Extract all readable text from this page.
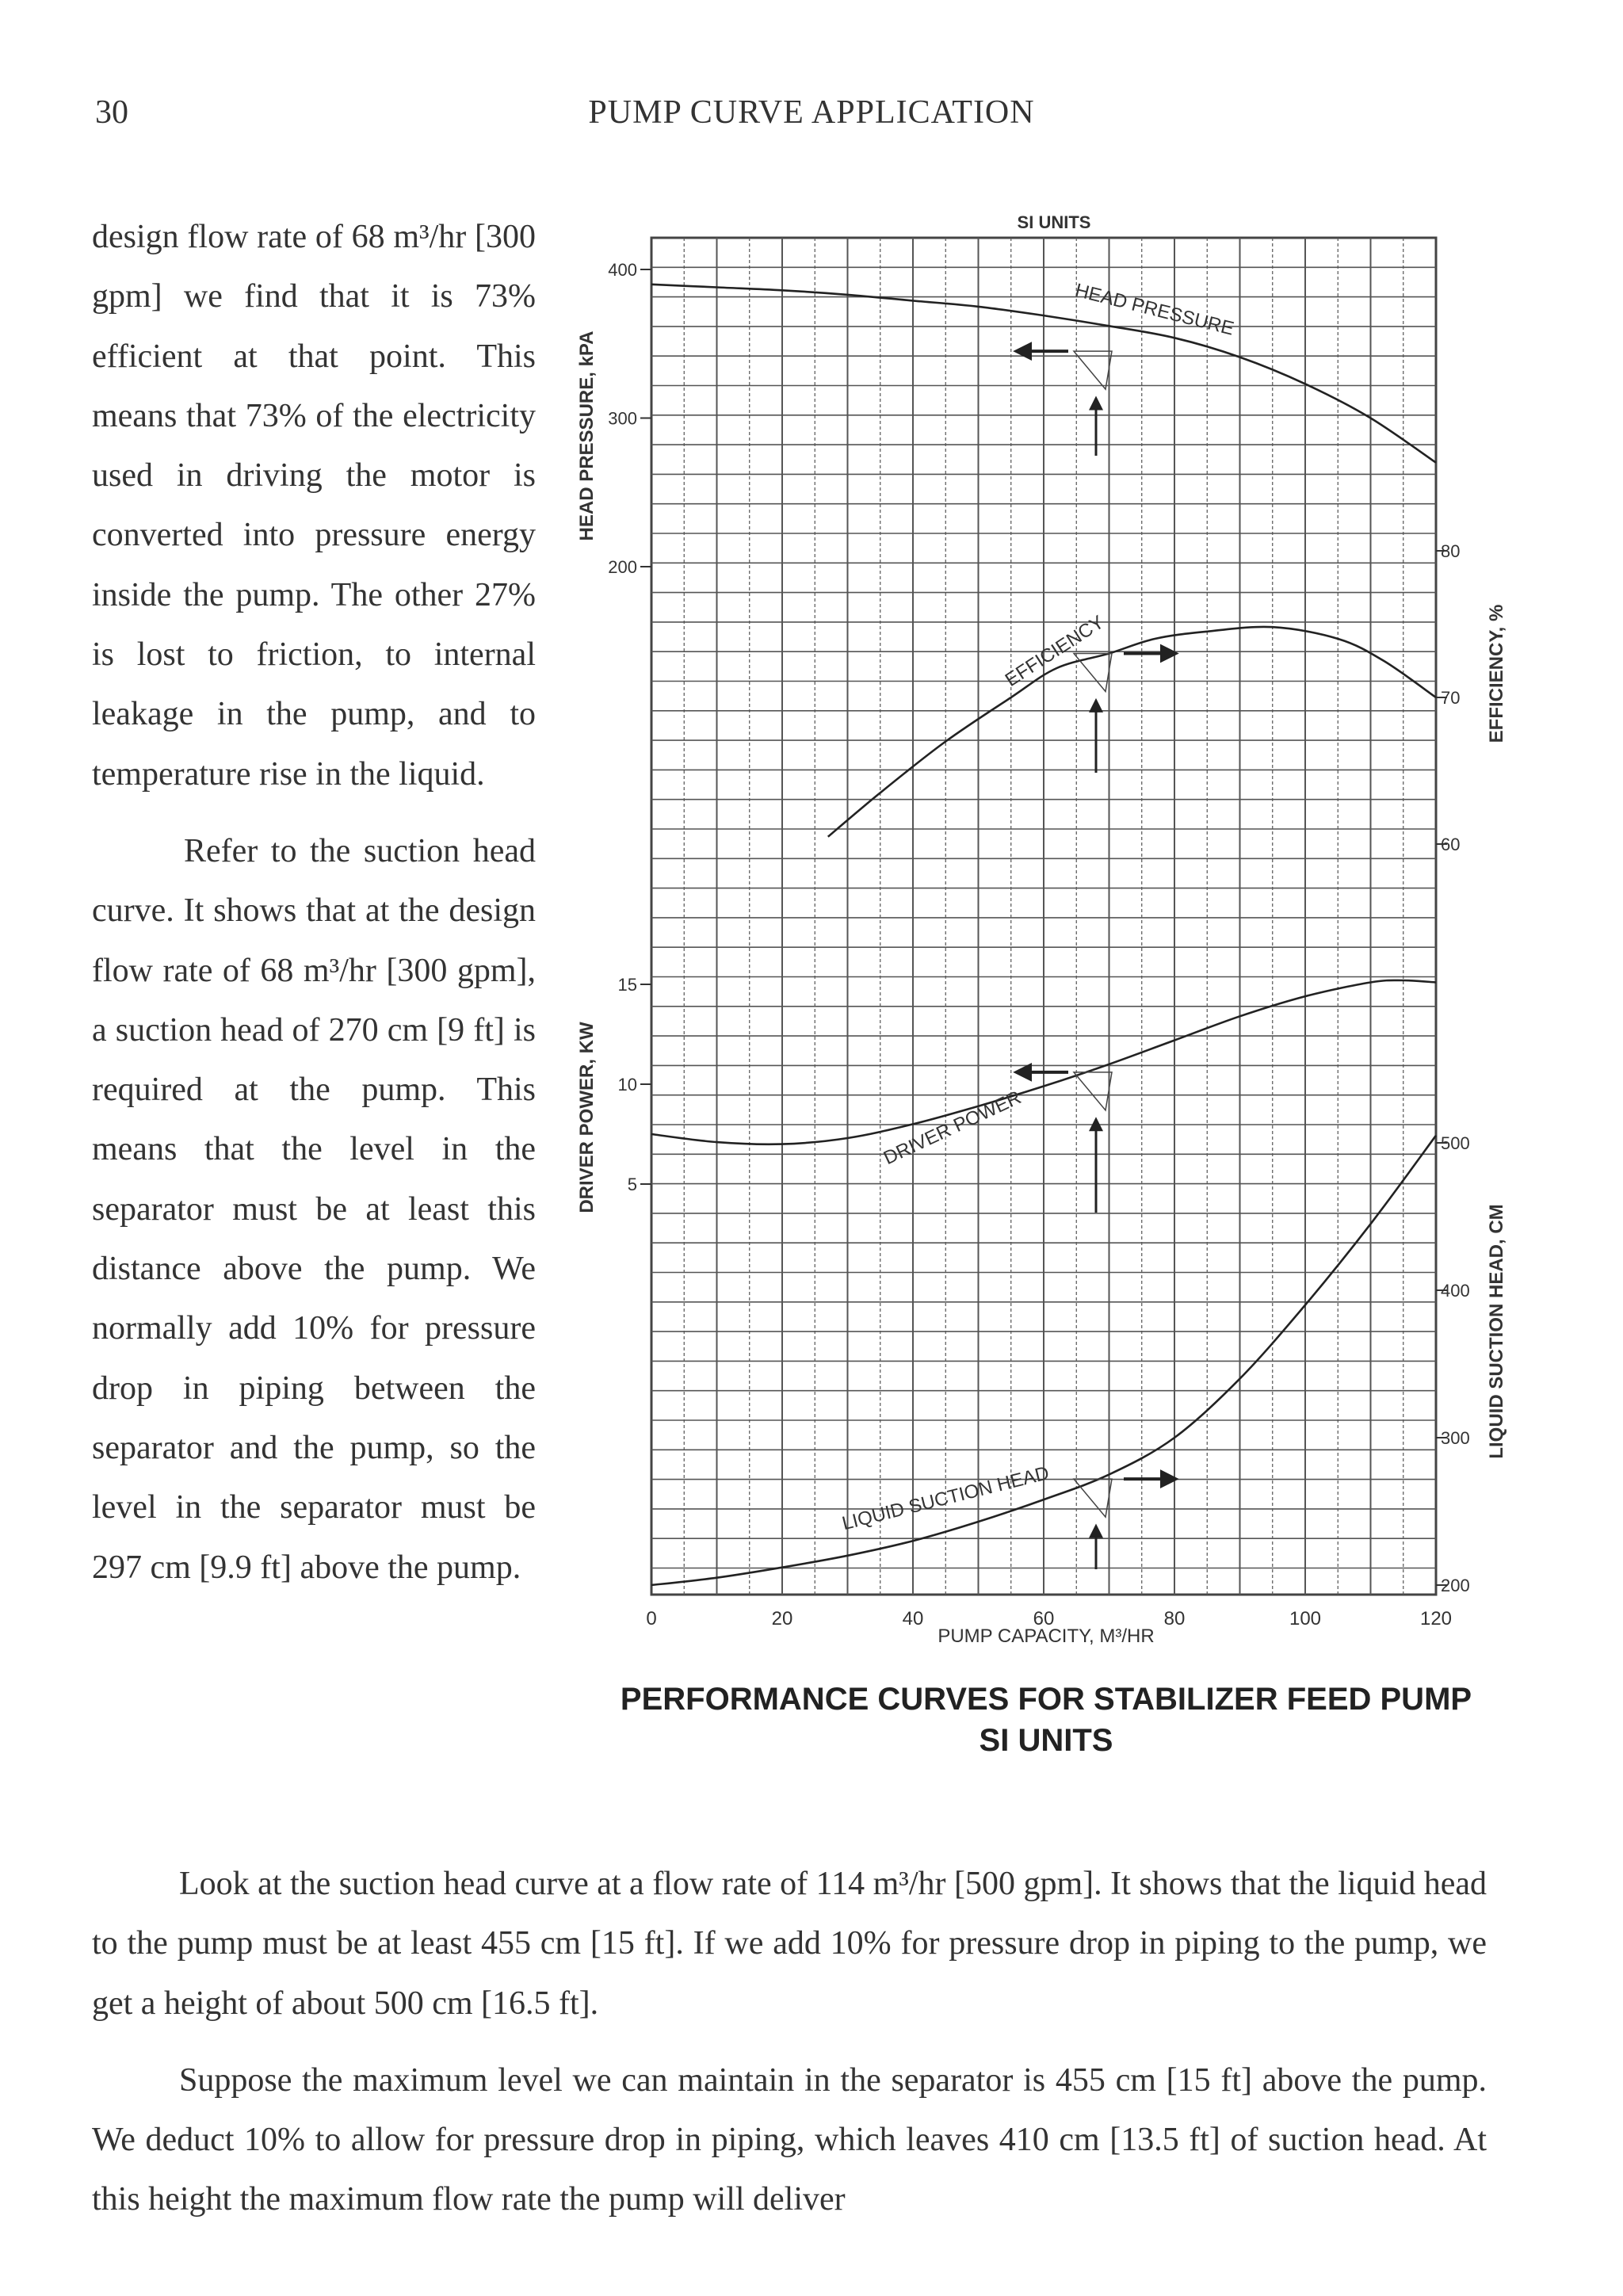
30	PUMP CURVE APPLICATION

design flow rate of 68 m³/hr [300 gpm] we find that it is 73% efficient at that point. This means that 73% of the electricity used in driving the motor is converted into pressure energy inside the pump. The other 27% is lost to friction, to internal leakage in the pump, and to temperature rise in the liquid.

Refer to the suction head curve. It shows that at the design flow rate of 68 m³/hr [300 gpm], a suction head of 270 cm [9 ft] is required at the pump. This means that the level in the separator must be at least this distance above the pump. We normally add 10% for pressure drop in piping between the separator and the pump, so the level in the separator must be 297 cm [9.9 ft] above the pump.

SI UNITS
PUMP CAPACITY, M³/HR
HEAD PRESSURE, kPA
DRIVER POWER, KW
EFFICIENCY, %
LIQUID SUCTION HEAD, CM
0	20	40	60	80	100	120
400
300
200
15
10
5
80
70
60
500
400
300
200
HEAD PRESSURE
EFFICIENCY
DRIVER POWER
LIQUID SUCTION HEAD
PERFORMANCE CURVES FOR STABILIZER FEED PUMP
SI UNITS

Look at the suction head curve at a flow rate of 114 m³/hr [500 gpm]. It shows that the liquid head to the pump must be at least 455 cm [15 ft]. If we add 10% for pressure drop in piping to the pump, we get a height of about 500 cm [16.5 ft].

Suppose the maximum level we can maintain in the separator is 455 cm [15 ft] above the pump. We deduct 10% to allow for pressure drop in piping, which leaves 410 cm [13.5 ft] of suction head. At this height the maximum flow rate the pump will deliver
